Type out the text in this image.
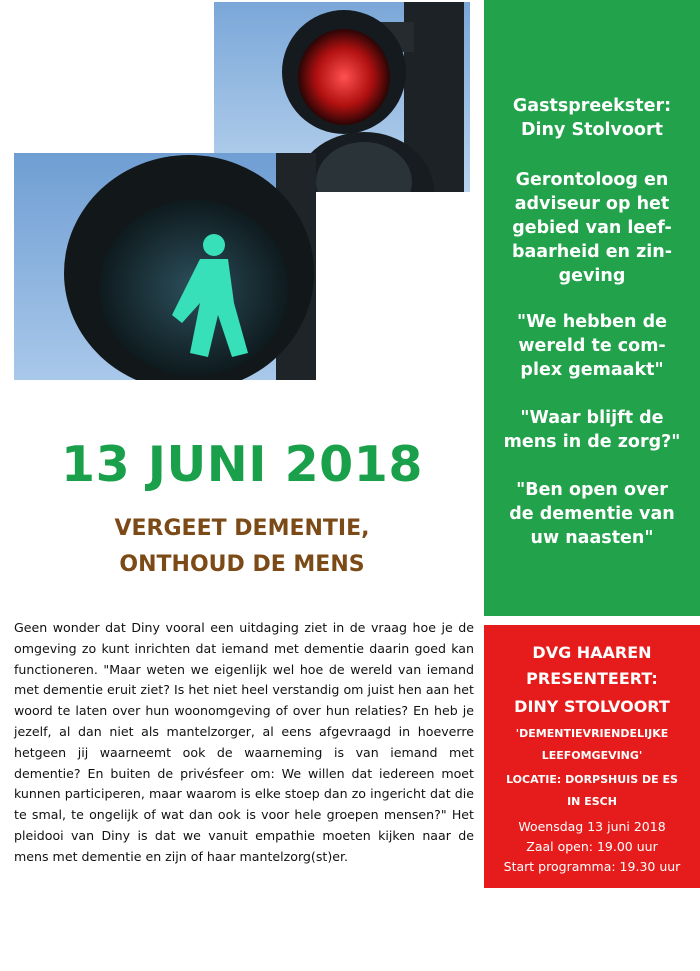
13 JUNI 2018
VERGEET DEMENTIE,
ONTHOUD DE MENS

Geen wonder dat Diny vooral een uitdaging ziet in de vraag hoe je de omgeving zo kunt inrichten dat iemand met dementie daarin goed kan functioneren. "Maar weten we eigenlijk wel hoe de wereld van iemand met dementie eruit ziet? Is het niet heel verstandig om juist hen aan het woord te laten over hun woonomgeving of over hun relaties? En heb je jezelf, al dan niet als mantelzorger, al eens afgevraagd in hoeverre hetgeen jij waarneemt ook de waarneming is van iemand met dementie? En buiten de privésfeer om: We willen dat iedereen moet kunnen participeren, maar waarom is elke stoep dan zo ingericht dat die te smal, te ongelijk of wat dan ook is voor hele groepen mensen?" Het pleidooi van Diny is dat we vanuit empathie moeten kijken naar de mens met dementie en zijn of haar mantelzorg(st)er.

Gastspreekster:
Diny Stolvoort
Gerontoloog en
adviseur op het
gebied van leef-
baarheid en zin-
geving
"We hebben de
wereld te com-
plex gemaakt"
"Waar blijft de
mens in de zorg?"
"Ben open over
de dementie van
uw naasten"
DVG HAAREN
PRESENTEERT:
DINY STOLVOORT
'DEMENTIEVRIENDELIJKE
LEEFOMGEVING'
LOCATIE: DORPSHUIS DE ES
IN ESCH
Woensdag 13 juni 2018
Zaal open: 19.00 uur
Start programma: 19.30 uur
